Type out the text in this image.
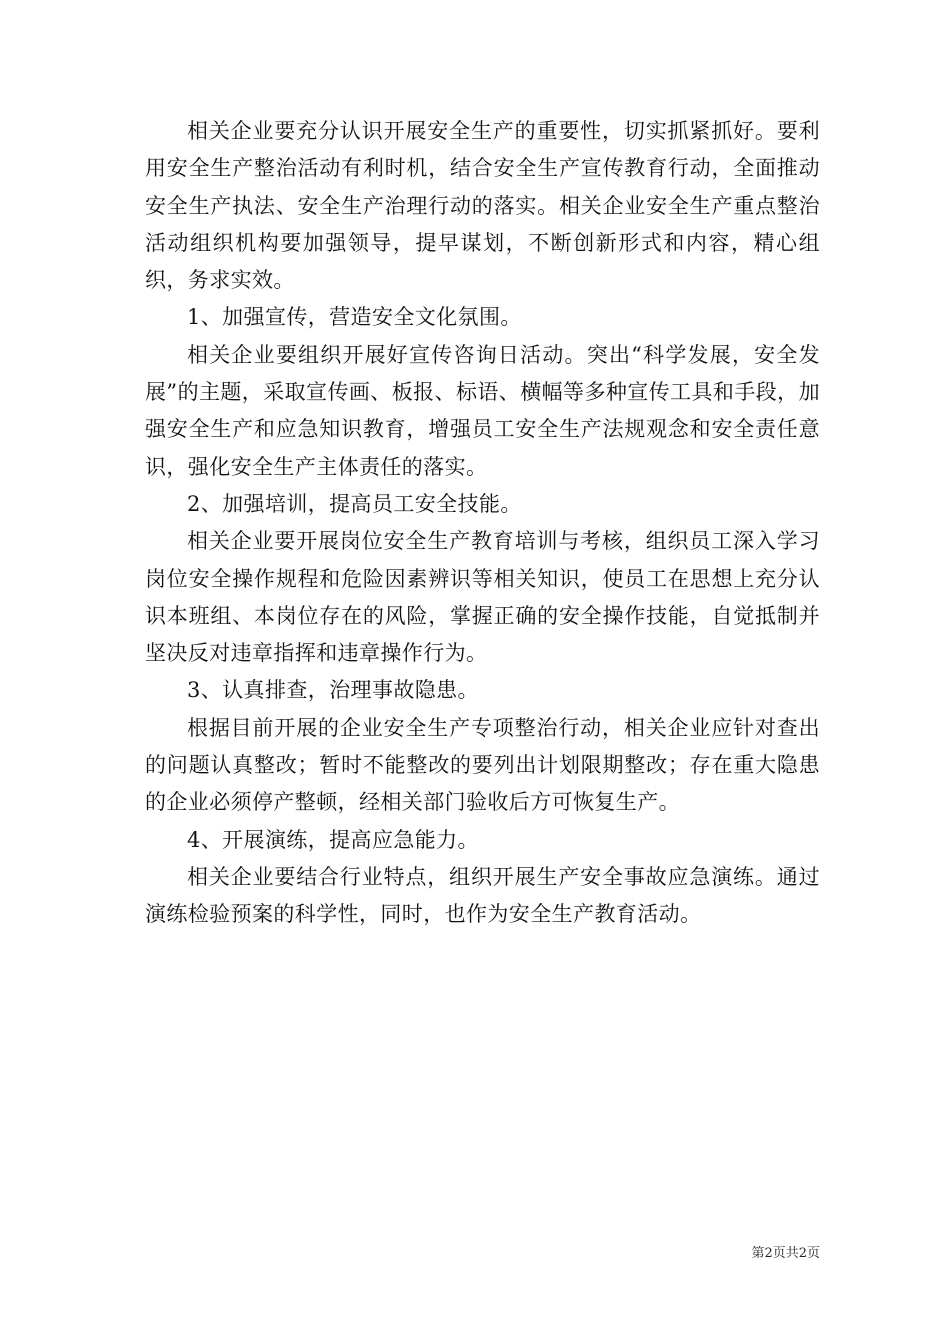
相关企业要充分认识开展安全生产的重要性，切实抓紧抓好。要利用安全生产整治活动有利时机，结合安全生产宣传教育行动，全面推动安全生产执法、安全生产治理行动的落实。相关企业安全生产重点整治活动组织机构要加强领导，提早谋划，不断创新形式和内容，精心组织，务求实效。

1、加强宣传，营造安全文化氛围。

相关企业要组织开展好宣传咨询日活动。突出“科学发展，安全发展”的主题，采取宣传画、板报、标语、横幅等多种宣传工具和手段，加强安全生产和应急知识教育，增强员工安全生产法规观念和安全责任意识，强化安全生产主体责任的落实。

2、加强培训，提高员工安全技能。

相关企业要开展岗位安全生产教育培训与考核，组织员工深入学习岗位安全操作规程和危险因素辨识等相关知识，使员工在思想上充分认识本班组、本岗位存在的风险，掌握正确的安全操作技能，自觉抵制并坚决反对违章指挥和违章操作行为。

3、认真排查，治理事故隐患。

根据目前开展的企业安全生产专项整治行动，相关企业应针对查出的问题认真整改；暂时不能整改的要列出计划限期整改；存在重大隐患的企业必须停产整顿，经相关部门验收后方可恢复生产。

4、开展演练，提高应急能力。

相关企业要结合行业特点，组织开展生产安全事故应急演练。通过演练检验预案的科学性，同时，也作为安全生产教育活动。

第2页共2页
